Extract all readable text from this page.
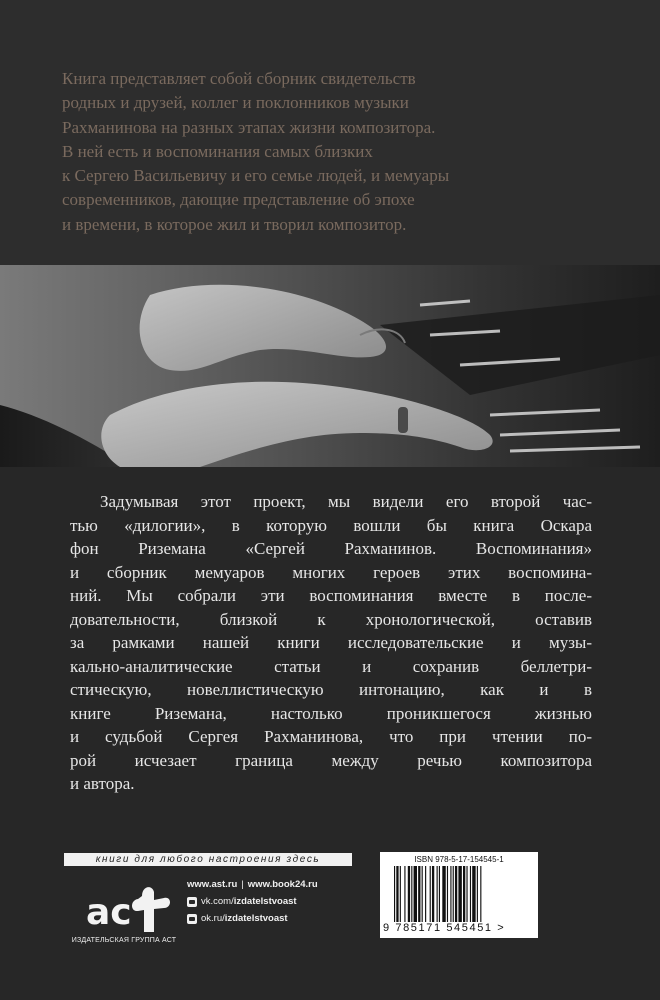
Книга представляет собой сборник свидетельств
родных и друзей, коллег и поклонников музыки
Рахманинова на разных этапах жизни композитора.
В ней есть и воспоминания самых близких
к Сергею Васильевичу и его семье людей, и мемуары
современников, дающие представление об эпохе
и времени, в которое жил и творил композитор.

Задумывая этот проект, мы видели его второй час-
тью «дилогии», в которую вошли бы книга Оскара
фон Риземана «Сергей Рахманинов. Воспоминания»
и сборник мемуаров многих героев этих воспоминa-
ний. Мы собрали эти воспоминания вместе в после-
довательности, близкой к хронологической, оставив
за рамками нашей книги исследовательские и музы-
кально-аналитические статьи и сохранив беллетри-
стическую, новеллистическую интонацию, как и в
книге Риземана, настолько проникшегося жизнью
и судьбой Сергея Рахманинова, что при чтении по-
рой исчезает граница между речью композитора
и автора.
книги для любого настроения здесь
ac
ИЗДАТЕЛЬСКАЯ ГРУППА АСТ
www.ast.ru | www.book24.ru
vk.com/ izdatelstvoast
ok.ru/ izdatelstvoast
ISBN 978-5-17-154545-1
9 785171 545451 >
